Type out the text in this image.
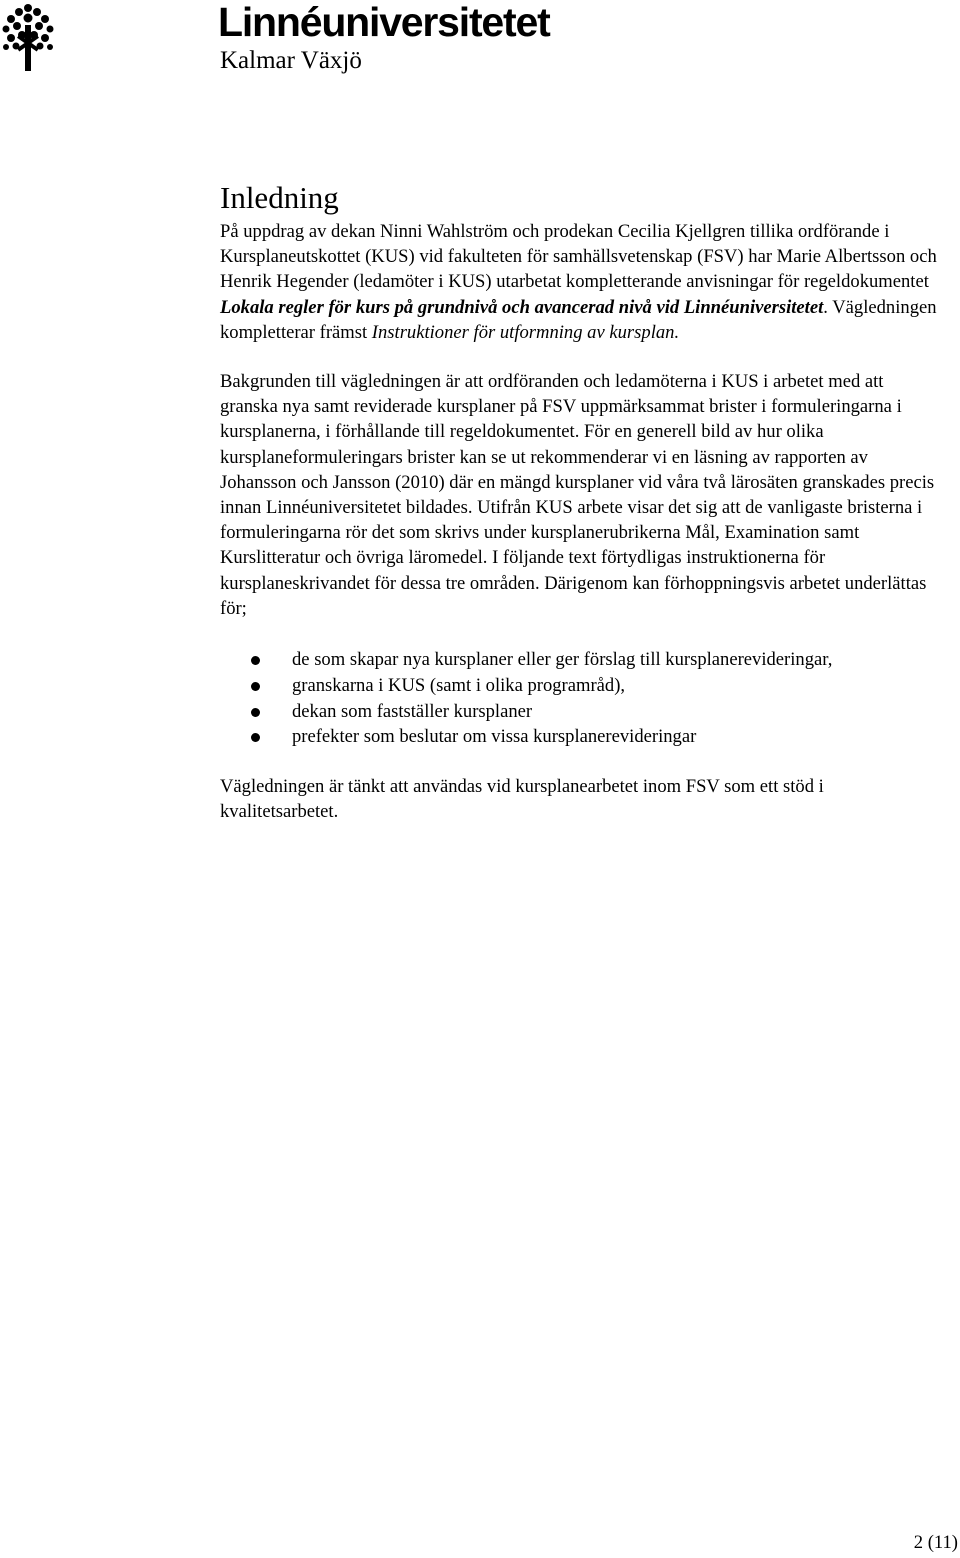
Linnéuniversitetet
Kalmar Växjö
Inledning

På uppdrag av dekan Ninni Wahlström och prodekan Cecilia Kjellgren tillika ordförande i Kursplaneutskottet (KUS) vid fakulteten för samhällsvetenskap (FSV) har Marie Albertsson och Henrik Hegender (ledamöter i KUS) utarbetat kompletterande anvisningar för regeldokumentet Lokala regler för kurs på grundnivå och avancerad nivå vid Linnéuniversitetet. Vägledningen kompletterar främst Instruktioner för utformning av kursplan.

Bakgrunden till vägledningen är att ordföranden och ledamöterna i KUS i arbetet med att granska nya samt reviderade kursplaner på FSV uppmärksammat brister i formuleringarna i kursplanerna, i förhållande till regeldokumentet. För en generell bild av hur olika kursplaneformuleringars brister kan se ut rekommenderar vi en läsning av rapporten av Johansson och Jansson (2010) där en mängd kursplaner vid våra två lärosäten granskades precis innan Linnéuniversitetet bildades. Utifrån KUS arbete visar det sig att de vanligaste bristerna i formuleringarna rör det som skrivs under kursplanerubrikerna Mål, Examination samt Kurslitteratur och övriga läromedel. I följande text förtydligas instruktionerna för kursplaneskrivandet för dessa tre områden. Därigenom kan förhoppningsvis arbetet underlättas för;

de som skapar nya kursplaner eller ger förslag till kursplanerevideringar,
granskarna i KUS (samt i olika programråd),
dekan som fastställer kursplaner
prefekter som beslutar om vissa kursplanerevideringar

Vägledningen är tänkt att användas vid kursplanearbetet inom FSV som ett stöd i kvalitetsarbetet.

2 (11)
